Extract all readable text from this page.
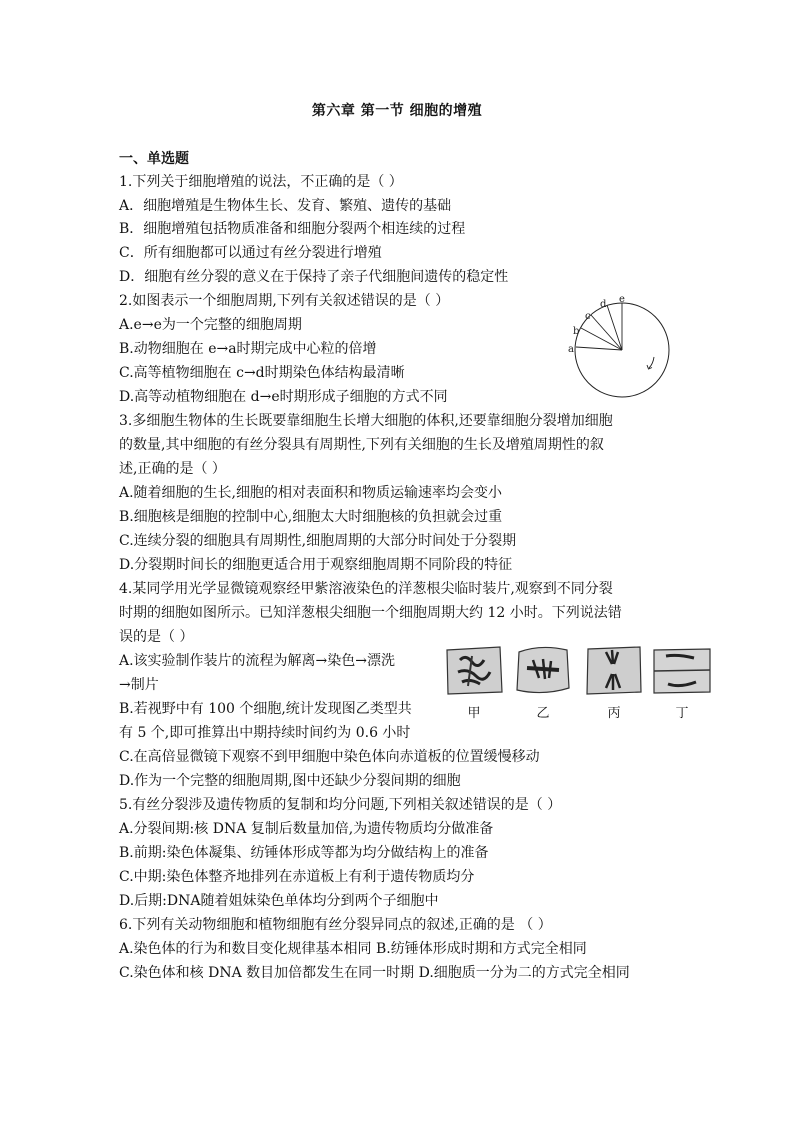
第六章 第一节 细胞的增殖
一、单选题
1.下列关于细胞增殖的说法，不正确的是（ ）
A．细胞增殖是生物体生长、发育、繁殖、遗传的基础
B．细胞增殖包括物质准备和细胞分裂两个相连续的过程
C．所有细胞都可以通过有丝分裂进行增殖
D．细胞有丝分裂的意义在于保持了亲子代细胞间遗传的稳定性
2.如图表示一个细胞周期,下列有关叙述错误的是（ ）
A.e→e为一个完整的细胞周期
B.动物细胞在 e→a时期完成中心粒的倍增
C.高等植物细胞在 c→d时期染色体结构最清晰
D.高等动植物细胞在 d→e时期形成子细胞的方式不同
a
b
c
d e
3.多细胞生物体的生长既要靠细胞生长增大细胞的体积,还要靠细胞分裂增加细胞
的数量,其中细胞的有丝分裂具有周期性,下列有关细胞的生长及增殖周期性的叙
述,正确的是（ ）
A.随着细胞的生长,细胞的相对表面积和物质运输速率均会变小
B.细胞核是细胞的控制中心,细胞太大时细胞核的负担就会过重
C.连续分裂的细胞具有周期性,细胞周期的大部分时间处于分裂期
D.分裂期时间长的细胞更适合用于观察细胞周期不同阶段的特征
4.某同学用光学显微镜观察经甲紫溶液染色的洋葱根尖临时装片,观察到不同分裂
时期的细胞如图所示。已知洋葱根尖细胞一个细胞周期大约 12 小时。下列说法错
误的是（ ）
A.该实验制作装片的流程为解离→染色→漂洗
→制片
B.若视野中有 100 个细胞,统计发现图乙类型共
有 5 个,即可推算出中期持续时间约为 0.6 小时
C.在高倍显微镜下观察不到甲细胞中染色体向赤道板的位置缓慢移动
D.作为一个完整的细胞周期,图中还缺少分裂间期的细胞
甲	乙	丙	丁
5.有丝分裂涉及遗传物质的复制和均分问题,下列相关叙述错误的是（ ）
A.分裂间期:核 DNA 复制后数量加倍,为遗传物质均分做准备
B.前期:染色体凝集、纺锤体形成等都为均分做结构上的准备
C.中期:染色体整齐地排列在赤道板上有利于遗传物质均分
D.后期:DNA随着姐妹染色单体均分到两个子细胞中
6.下列有关动物细胞和植物细胞有丝分裂异同点的叙述,正确的是 （ ）
A.染色体的行为和数目变化规律基本相同 B.纺锤体形成时期和方式完全相同
C.染色体和核 DNA 数目加倍都发生在同一时期 D.细胞质一分为二的方式完全相同
